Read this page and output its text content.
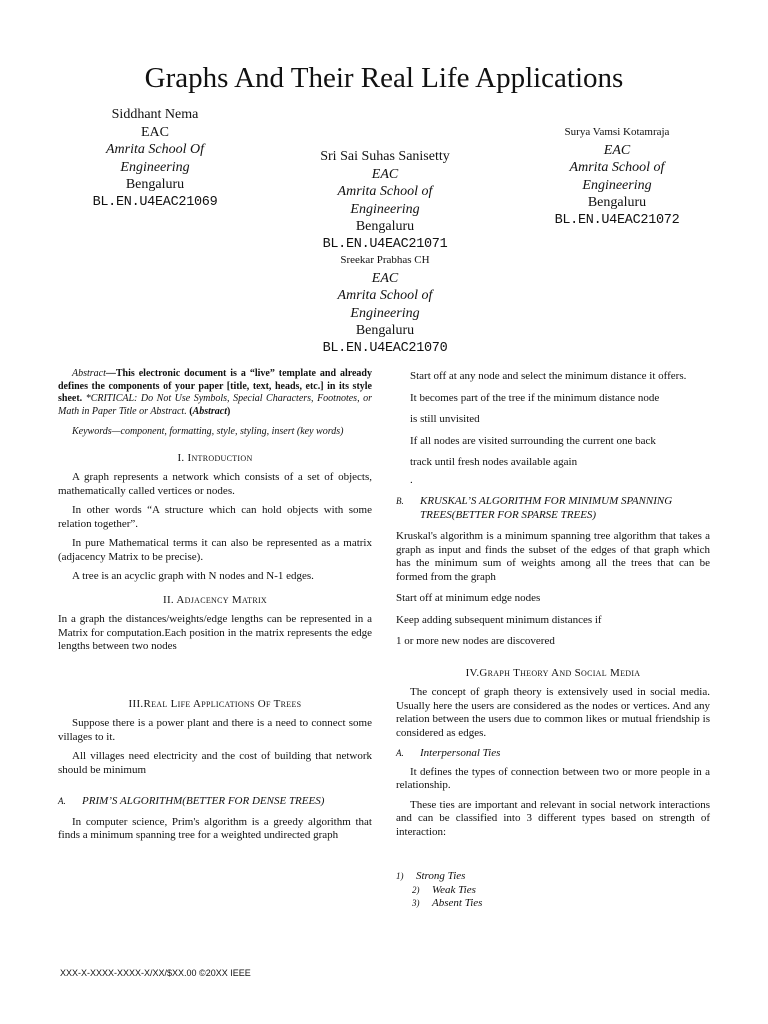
Graphs And Their Real Life Applications
Siddhant Nema
EAC
Amrita School Of
Engineering
Bengaluru
BL.EN.U4EAC21069
Sri Sai Suhas Sanisetty
EAC
Amrita School of
Engineering
Bengaluru
BL.EN.U4EAC21071
Surya Vamsi Kotamraja
EAC
Amrita School of
Engineering
Bengaluru
BL.EN.U4EAC21072
Sreekar Prabhas CH
EAC
Amrita School of
Engineering
Bengaluru
BL.EN.U4EAC21070

Abstract—This electronic document is a “live” template and already defines the components of your paper [title, text, heads, etc.] in its style sheet. *CRITICAL: Do Not Use Symbols, Special Characters, Footnotes, or Math in Paper Title or Abstract. (Abstract)

Keywords—component, formatting, style, styling, insert (key words)

I. Introduction

A graph represents a network which consists of a set of objects, mathematically called vertices or nodes.

In other words “A structure which can hold objects with some relation together”.

In pure Mathematical terms it can also be represented as a matrix (adjacency Matrix to be precise).

A tree is an acyclic graph with N nodes and N-1 edges.

II. Adjacency Matrix

In a graph the distances/weights/edge lengths can be represented in a Matrix for computation.Each position in the matrix represents the edge lengths between two nodes

III.Real Life Applications Of Trees

Suppose there is a power plant and there is a need to connect some villages to it.

All villages need electricity and the cost of building that network should be minimum

A. PRIM’S ALGORITHM(BETTER FOR DENSE TREES)

In computer science, Prim's algorithm is a greedy algorithm that finds a minimum spanning tree for a weighted undirected graph

Start off at any node and select the minimum distance it offers.

It becomes part of the tree if the minimum distance node

is still unvisited

If all nodes are visited surrounding the current one back

track until fresh nodes available again

.

B.	KRUSKAL’S ALGORITHM FOR MINIMUM SPANNING TREES(BETTER FOR SPARSE TREES)

Kruskal's algorithm is a minimum spanning tree algorithm that takes a graph as input and finds the subset of the edges of that graph which has the minimum sum of weights among all the trees that can be formed from the graph

Start off at minimum edge nodes

Keep adding subsequent minimum distances if

1 or more new nodes are discovered

IV.Graph Theory And Social Media

The concept of graph theory is extensively used in social media. Usually here the users are considered as the nodes or vertices. And any relation between the users due to common likes or mutual friendship is considered as edges.

A. Interpersonal Ties

It defines the types of connection between two or more people in a relationship.

These ties are important and relevant in social network interactions and can be classified into 3 different types based on strength of interaction:

1) Strong Ties

2) Weak Ties

3) Absent Ties

XXX-X-XXXX-XXXX-X/XX/$XX.00 ©20XX IEEE
